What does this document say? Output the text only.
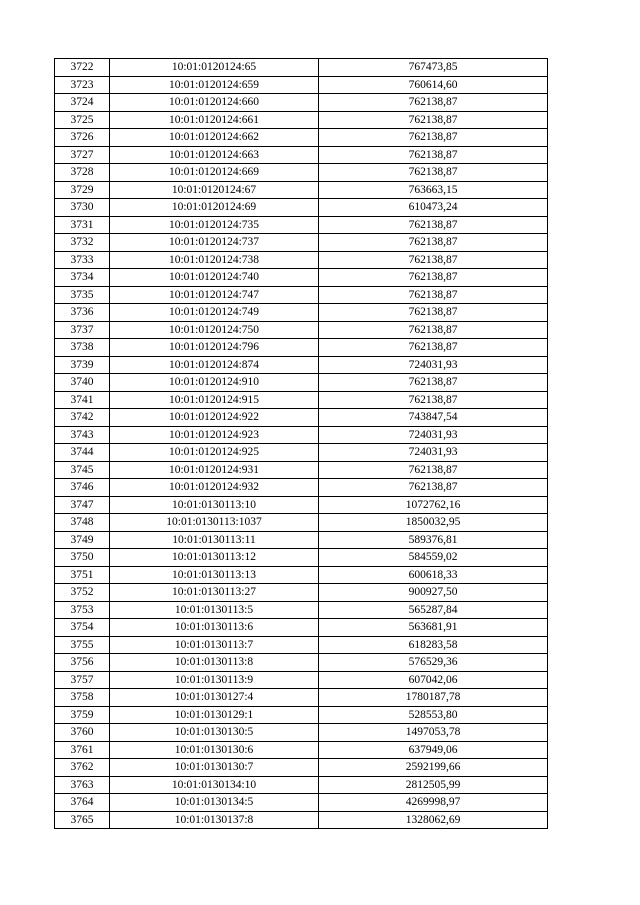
3722	10:01:0120124:65	767473,85
3723	10:01:0120124:659	760614,60
3724	10:01:0120124:660	762138,87
3725	10:01:0120124:661	762138,87
3726	10:01:0120124:662	762138,87
3727	10:01:0120124:663	762138,87
3728	10:01:0120124:669	762138,87
3729	10:01:0120124:67	763663,15
3730	10:01:0120124:69	610473,24
3731	10:01:0120124:735	762138,87
3732	10:01:0120124:737	762138,87
3733	10:01:0120124:738	762138,87
3734	10:01:0120124:740	762138,87
3735	10:01:0120124:747	762138,87
3736	10:01:0120124:749	762138,87
3737	10:01:0120124:750	762138,87
3738	10:01:0120124:796	762138,87
3739	10:01:0120124:874	724031,93
3740	10:01:0120124:910	762138,87
3741	10:01:0120124:915	762138,87
3742	10:01:0120124:922	743847,54
3743	10:01:0120124:923	724031,93
3744	10:01:0120124:925	724031,93
3745	10:01:0120124:931	762138,87
3746	10:01:0120124:932	762138,87
3747	10:01:0130113:10	1072762,16
3748	10:01:0130113:1037	1850032,95
3749	10:01:0130113:11	589376,81
3750	10:01:0130113:12	584559,02
3751	10:01:0130113:13	600618,33
3752	10:01:0130113:27	900927,50
3753	10:01:0130113:5	565287,84
3754	10:01:0130113:6	563681,91
3755	10:01:0130113:7	618283,58
3756	10:01:0130113:8	576529,36
3757	10:01:0130113:9	607042,06
3758	10:01:0130127:4	1780187,78
3759	10:01:0130129:1	528553,80
3760	10:01:0130130:5	1497053,78
3761	10:01:0130130:6	637949,06
3762	10:01:0130130:7	2592199,66
3763	10:01:0130134:10	2812505,99
3764	10:01:0130134:5	4269998,97
3765	10:01:0130137:8	1328062,69
